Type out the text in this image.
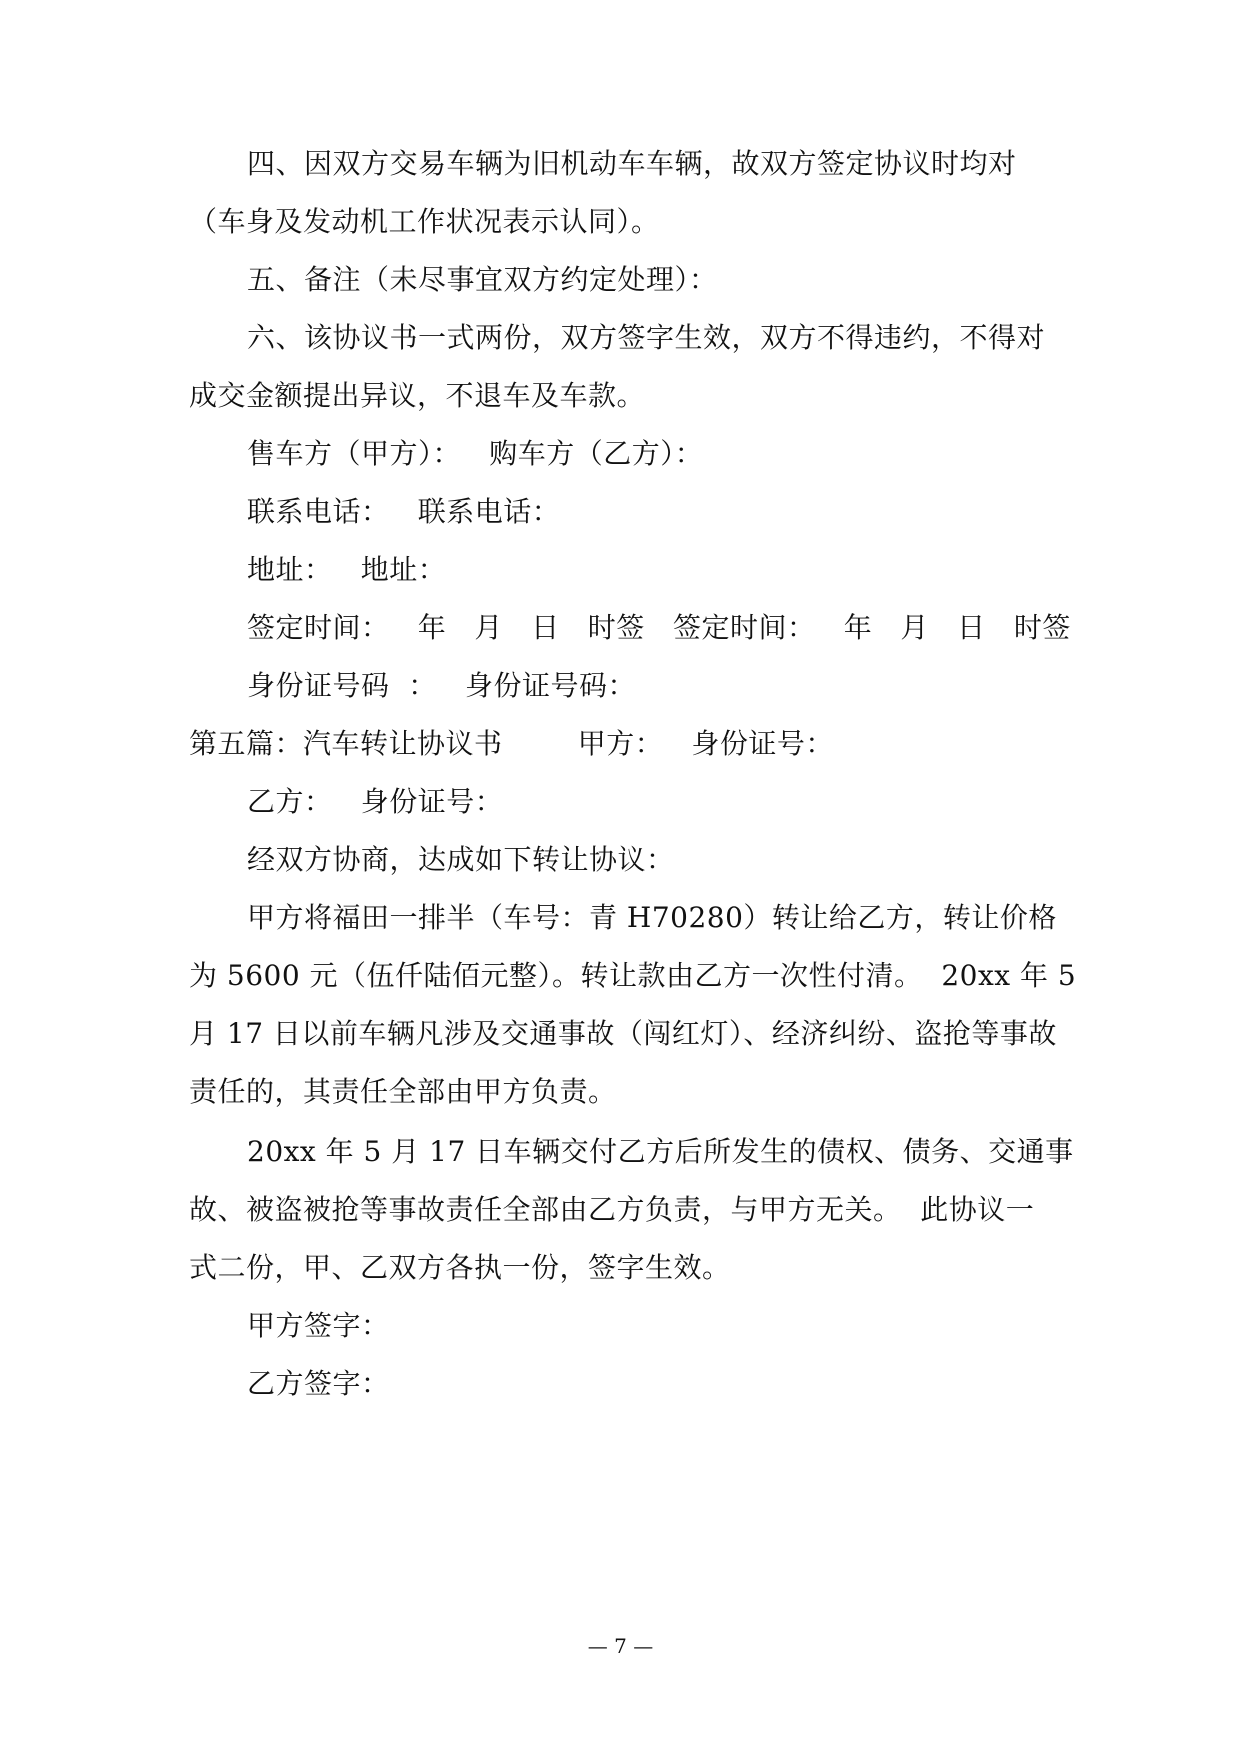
四、因双方交易车辆为旧机动车车辆，故双方签定协议时均对
（车身及发动机工作状况表示认同）。
五、备注（未尽事宜双方约定处理）：
六、该协议书一式两份，双方签字生效，双方不得违约，不得对
成交金额提出异议，不退车及车款。
售车方（甲方）：   购车方（乙方）：
联系电话：   联系电话：
地址：   地址：
签定时间：   年   月   日   时签   签定时间：   年   月   日   时签
身份证号码  ：   身份证号码：
第五篇：汽车转让协议书        甲方：   身份证号：
乙方：   身份证号：
经双方协商，达成如下转让协议：
甲方将福田一排半（车号：青 H70280）转让给乙方，转让价格
为 5600 元（伍仟陆佰元整）。转让款由乙方一次性付清。  20xx 年 5
月 17 日以前车辆凡涉及交通事故（闯红灯）、经济纠纷、盗抢等事故
责任的，其责任全部由甲方负责。
20xx 年 5 月 17 日车辆交付乙方后所发生的债权、债务、交通事
故、被盗被抢等事故责任全部由乙方负责，与甲方无关。  此协议一
式二份，甲、乙双方各执一份，签字生效。
甲方签字：
乙方签字：
— 7 —
